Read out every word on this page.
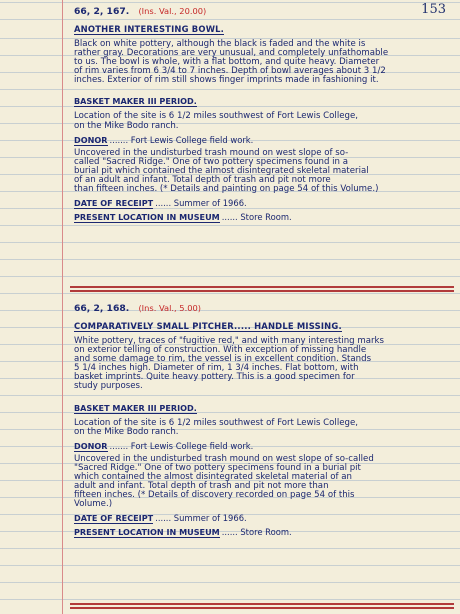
153
66, 2, 167. (Ins. Val., 20.00)
ANOTHER INTERESTING BOWL.
Black on white pottery, although the black is faded and the white is
rather gray. Decorations are very unusual, and completely unfathomable
to us. The bowl is whole, with a flat bottom, and quite heavy. Diameter
of rim varies from 6 3/4 to 7 inches. Depth of bowl averages about 3 1/2
inches. Exterior of rim still shows finger imprints made in fashioning it.
BASKET MAKER III PERIOD.
Location of the site is 6 1/2 miles southwest of Fort Lewis College,
on the Mike Bodo ranch.
DONOR ....... Fort Lewis College field work.
Uncovered in the undisturbed trash mound on west slope of so-
called "Sacred Ridge." One of two pottery specimens found in a
burial pit which contained the almost disintegrated skeletal material
of an adult and infant. Total depth of trash and pit not more
than fifteen inches. (* Details and painting on page 54 of this Volume.)
DATE OF RECEIPT ...... Summer of 1966.
PRESENT LOCATION IN MUSEUM ...... Store Room.
66, 2, 168. (Ins. Val., 5.00)
COMPARATIVELY SMALL PITCHER..... HANDLE MISSING.
White pottery, traces of "fugitive red," and with many interesting marks
on exterior telling of construction. With exception of missing handle
and some damage to rim, the vessel is in excellent condition. Stands
5 1/4 inches high. Diameter of rim, 1 3/4 inches. Flat bottom, with
basket imprints. Quite heavy pottery. This is a good specimen for
study purposes.
BASKET MAKER III PERIOD.
Location of the site is 6 1/2 miles southwest of Fort Lewis College,
on the Mike Bodo ranch.
DONOR ....... Fort Lewis College field work.
Uncovered in the undisturbed trash mound on west slope of so-called
"Sacred Ridge." One of two pottery specimens found in a burial pit
which contained the almost disintegrated skeletal material of an
adult and infant. Total depth of trash and pit not more than
fifteen inches. (* Details of discovery recorded on page 54 of this
Volume.)
DATE OF RECEIPT ...... Summer of 1966.
PRESENT LOCATION IN MUSEUM ...... Store Room.
